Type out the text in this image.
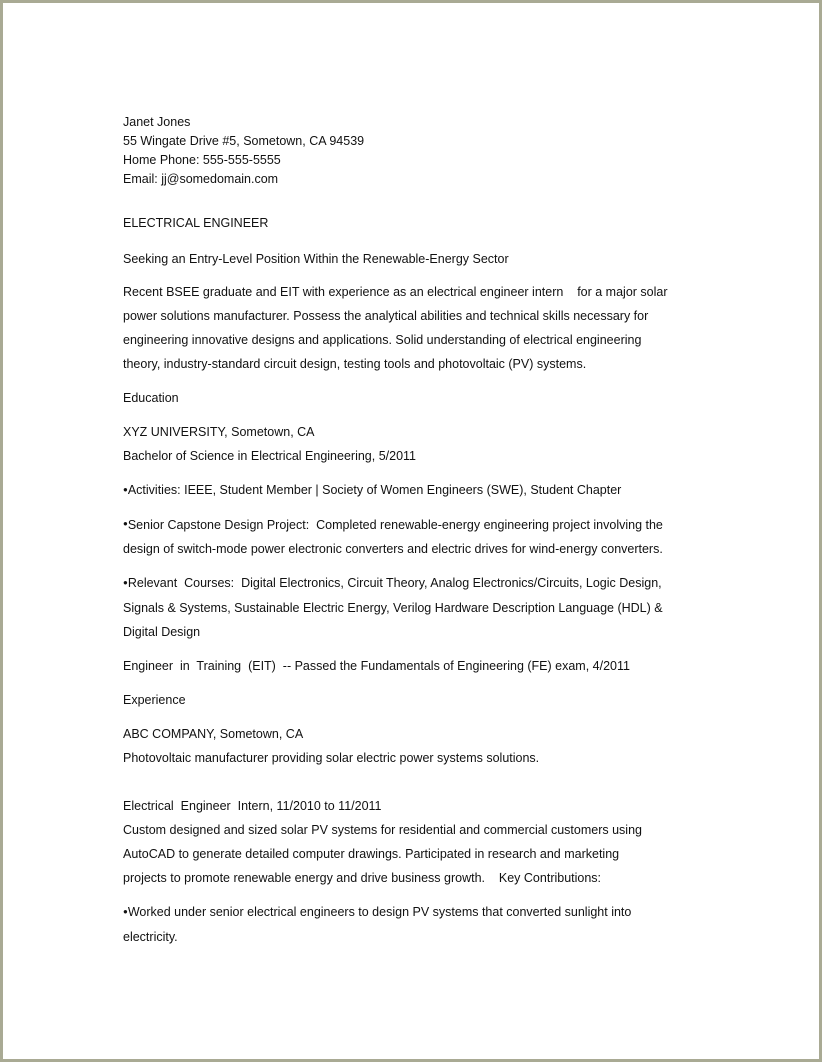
Janet Jones
55 Wingate Drive #5, Sometown, CA 94539
Home Phone: 555-555-5555
Email: jj@somedomain.com
ELECTRICAL ENGINEER
Seeking an Entry-Level Position Within the Renewable-Energy Sector
Recent BSEE graduate and EIT with experience as an electrical engineer intern    for a major solar
power solutions manufacturer. Possess the analytical abilities and technical skills necessary for
engineering innovative designs and applications. Solid understanding of electrical engineering
theory, industry-standard circuit design, testing tools and photovoltaic (PV) systems.
Education
XYZ UNIVERSITY, Sometown, CA
Bachelor of Science in Electrical Engineering, 5/2011
●Activities: IEEE, Student Member | Society of Women Engineers (SWE), Student Chapter
●Senior Capstone Design Project:  Completed renewable-energy engineering project involving the
design of switch-mode power electronic converters and electric drives for wind-energy converters.
●Relevant  Courses:  Digital Electronics, Circuit Theory, Analog Electronics/Circuits, Logic Design,
Signals & Systems, Sustainable Electric Energy, Verilog Hardware Description Language (HDL) &
Digital Design
Engineer  in  Training  (EIT)  -- Passed the Fundamentals of Engineering (FE) exam, 4/2011
Experience
ABC COMPANY, Sometown, CA
Photovoltaic manufacturer providing solar electric power systems solutions.
Electrical  Engineer  Intern, 11/2010 to 11/2011
Custom designed and sized solar PV systems for residential and commercial customers using
AutoCAD to generate detailed computer drawings. Participated in research and marketing
projects to promote renewable energy and drive business growth.    Key Contributions:
●Worked under senior electrical engineers to design PV systems that converted sunlight into
electricity.
